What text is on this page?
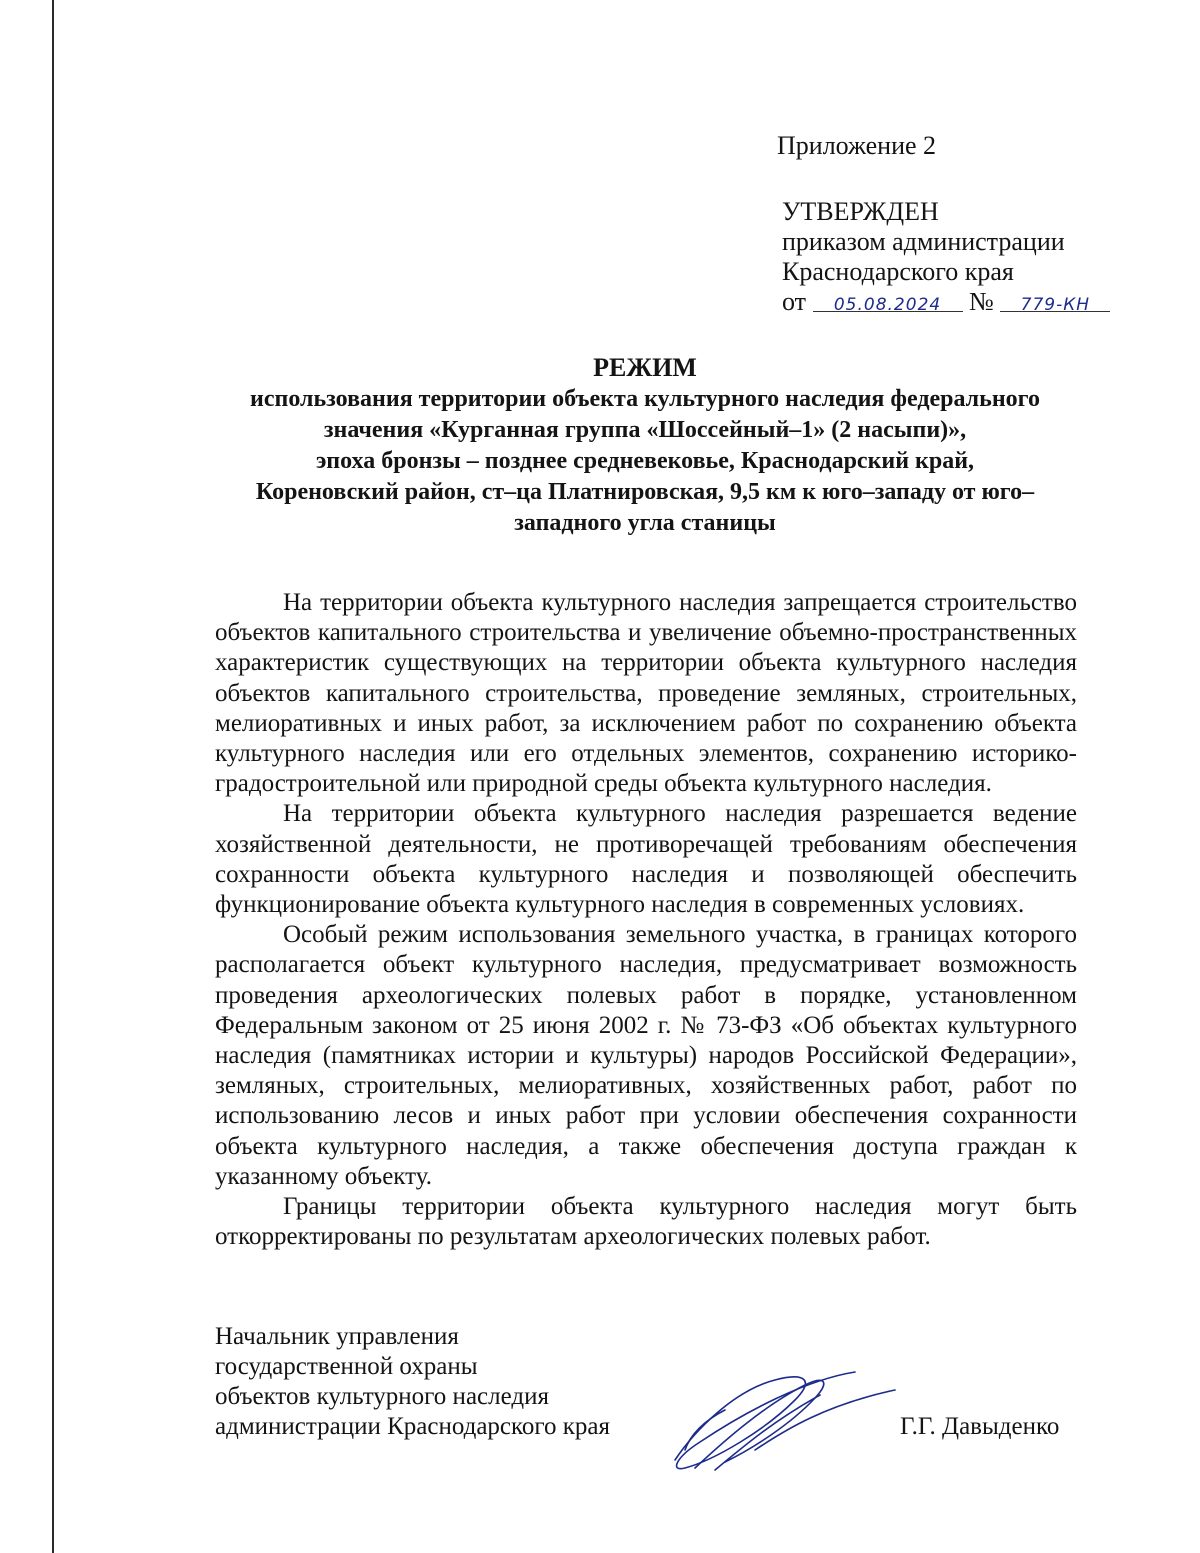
Приложение 2
УТВЕРЖДЕН
приказом администрации
Краснодарского края
от 05.08.2024 № 779-КН
РЕЖИМ
использования территории объекта культурного наследия федерального
значения «Курганная группа «Шоссейный–1» (2 насыпи)»,
эпоха бронзы – позднее средневековье, Краснодарский край,
Кореновский район, ст–ца Платнировская, 9,5 км к юго–западу от юго–
западного угла станицы

На территории объекта культурного наследия запрещается строительство объектов капитального строительства и увеличение объемно-пространственных характеристик существующих на территории объекта культурного наследия объектов капитального строительства, проведение земляных, строительных, мелиоративных и иных работ, за исключением работ по сохранению объекта культурного наследия или его отдельных элементов, сохранению историко-градостроительной или природной среды объекта культурного наследия.

На территории объекта культурного наследия разрешается ведение хозяйственной деятельности, не противоречащей требованиям обеспечения сохранности объекта культурного наследия и позволяющей обеспечить функционирование объекта культурного наследия в современных условиях.

Особый режим использования земельного участка, в границах которого располагается объект культурного наследия, предусматривает возможность проведения археологических полевых работ в порядке, установленном Федеральным законом от 25 июня 2002 г. № 73-ФЗ «Об объектах культурного наследия (памятниках истории и культуры) народов Российской Федерации», земляных, строительных, мелиоративных, хозяйственных работ, работ по использованию лесов и иных работ при условии обеспечения сохранности объекта культурного наследия, а также обеспечения доступа граждан к указанному объекту.

Границы территории объекта культурного наследия могут быть откорректированы по результатам археологических полевых работ.

Начальник управления
государственной охраны
объектов культурного наследия
администрации Краснодарского края	Г.Г. Давыденко
